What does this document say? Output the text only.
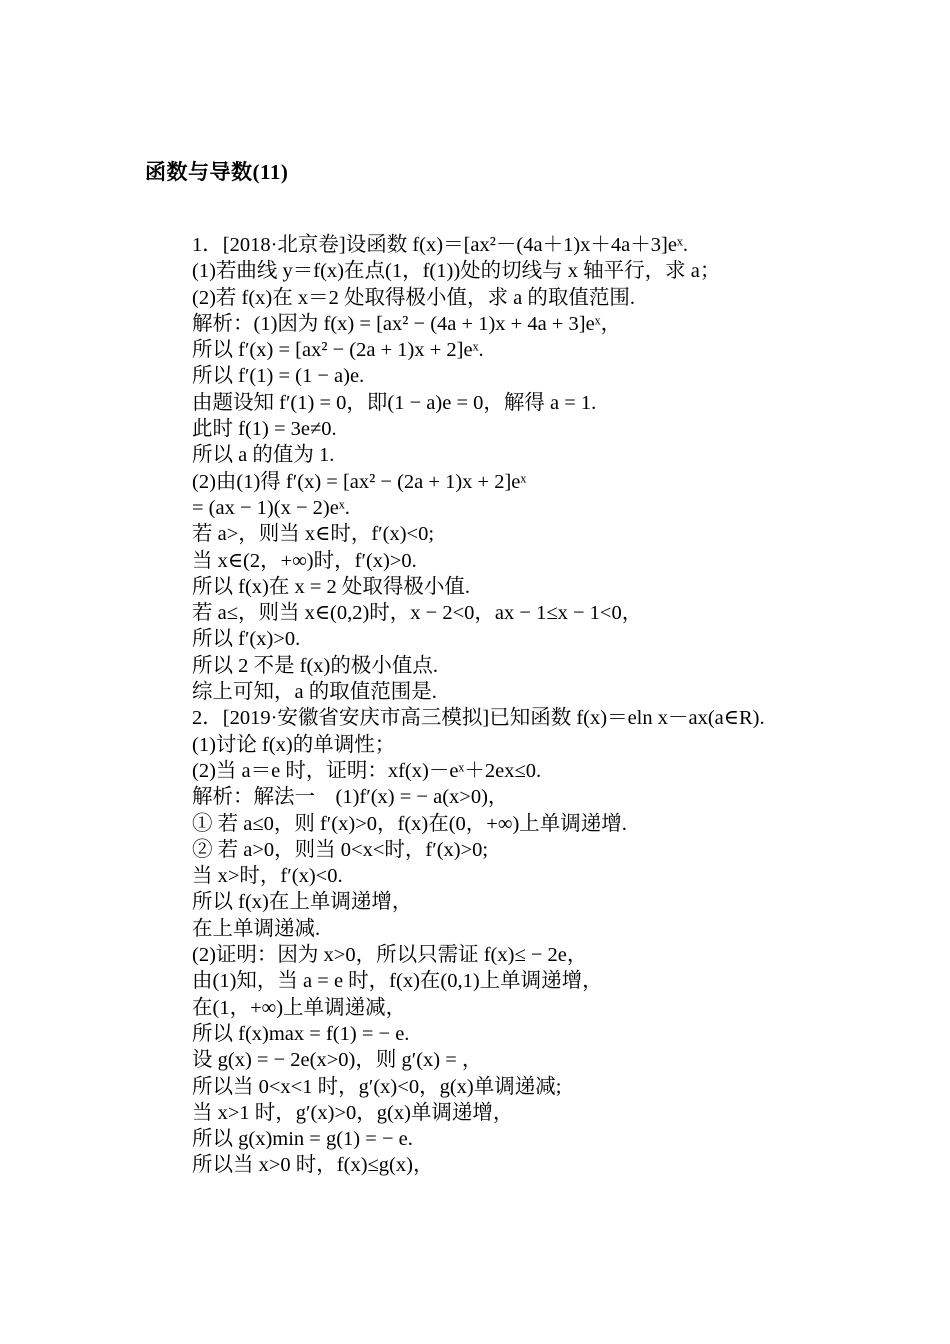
函数与导数(11)
1．[2018·北京卷]设函数 f(x)＝[ax²－(4a＋1)x＋4a＋3]eˣ.
(1)若曲线 y＝f(x)在点(1，f(1))处的切线与 x 轴平行，求 a；
(2)若 f(x)在 x＝2 处取得极小值，求 a 的取值范围.
解析：(1)因为 f(x) = [ax² − (4a + 1)x + 4a + 3]eˣ，
所以 f′(x) = [ax² − (2a + 1)x + 2]eˣ.
所以 f′(1) = (1 − a)e.
由题设知 f′(1) = 0，即(1 − a)e = 0，解得 a = 1.
此时 f(1) = 3e≠0.
所以 a 的值为 1.
(2)由(1)得 f′(x) = [ax² − (2a + 1)x + 2]eˣ
= (ax − 1)(x − 2)eˣ.
若 a>，则当 x∈时，f′(x)<0;
当 x∈(2，+∞)时，f′(x)>0.
所以 f(x)在 x = 2 处取得极小值.
若 a≤，则当 x∈(0,2)时，x − 2<0，ax − 1≤x − 1<0，
所以 f′(x)>0.
所以 2 不是 f(x)的极小值点.
综上可知，a 的取值范围是.
2．[2019·安徽省安庆市高三模拟]已知函数 f(x)＝eln x－ax(a∈R).
(1)讨论 f(x)的单调性；
(2)当 a＝e 时，证明：xf(x)－eˣ＋2ex≤0.
解析：解法一　(1)f′(x) = − a(x>0)，
① 若 a≤0，则 f′(x)>0，f(x)在(0，+∞)上单调递增.
② 若 a>0，则当 0<x<时，f′(x)>0;
当 x>时，f′(x)<0.
所以 f(x)在上单调递增，
在上单调递减.
(2)证明：因为 x>0，所以只需证 f(x)≤ − 2e，
由(1)知，当 a = e 时，f(x)在(0,1)上单调递增，
在(1，+∞)上单调递减，
所以 f(x)max = f(1) = − e.
设 g(x) = − 2e(x>0)，则 g′(x) = ，
所以当 0<x<1 时，g′(x)<0，g(x)单调递减;
当 x>1 时，g′(x)>0，g(x)单调递增，
所以 g(x)min = g(1) = − e.
所以当 x>0 时，f(x)≤g(x)，
